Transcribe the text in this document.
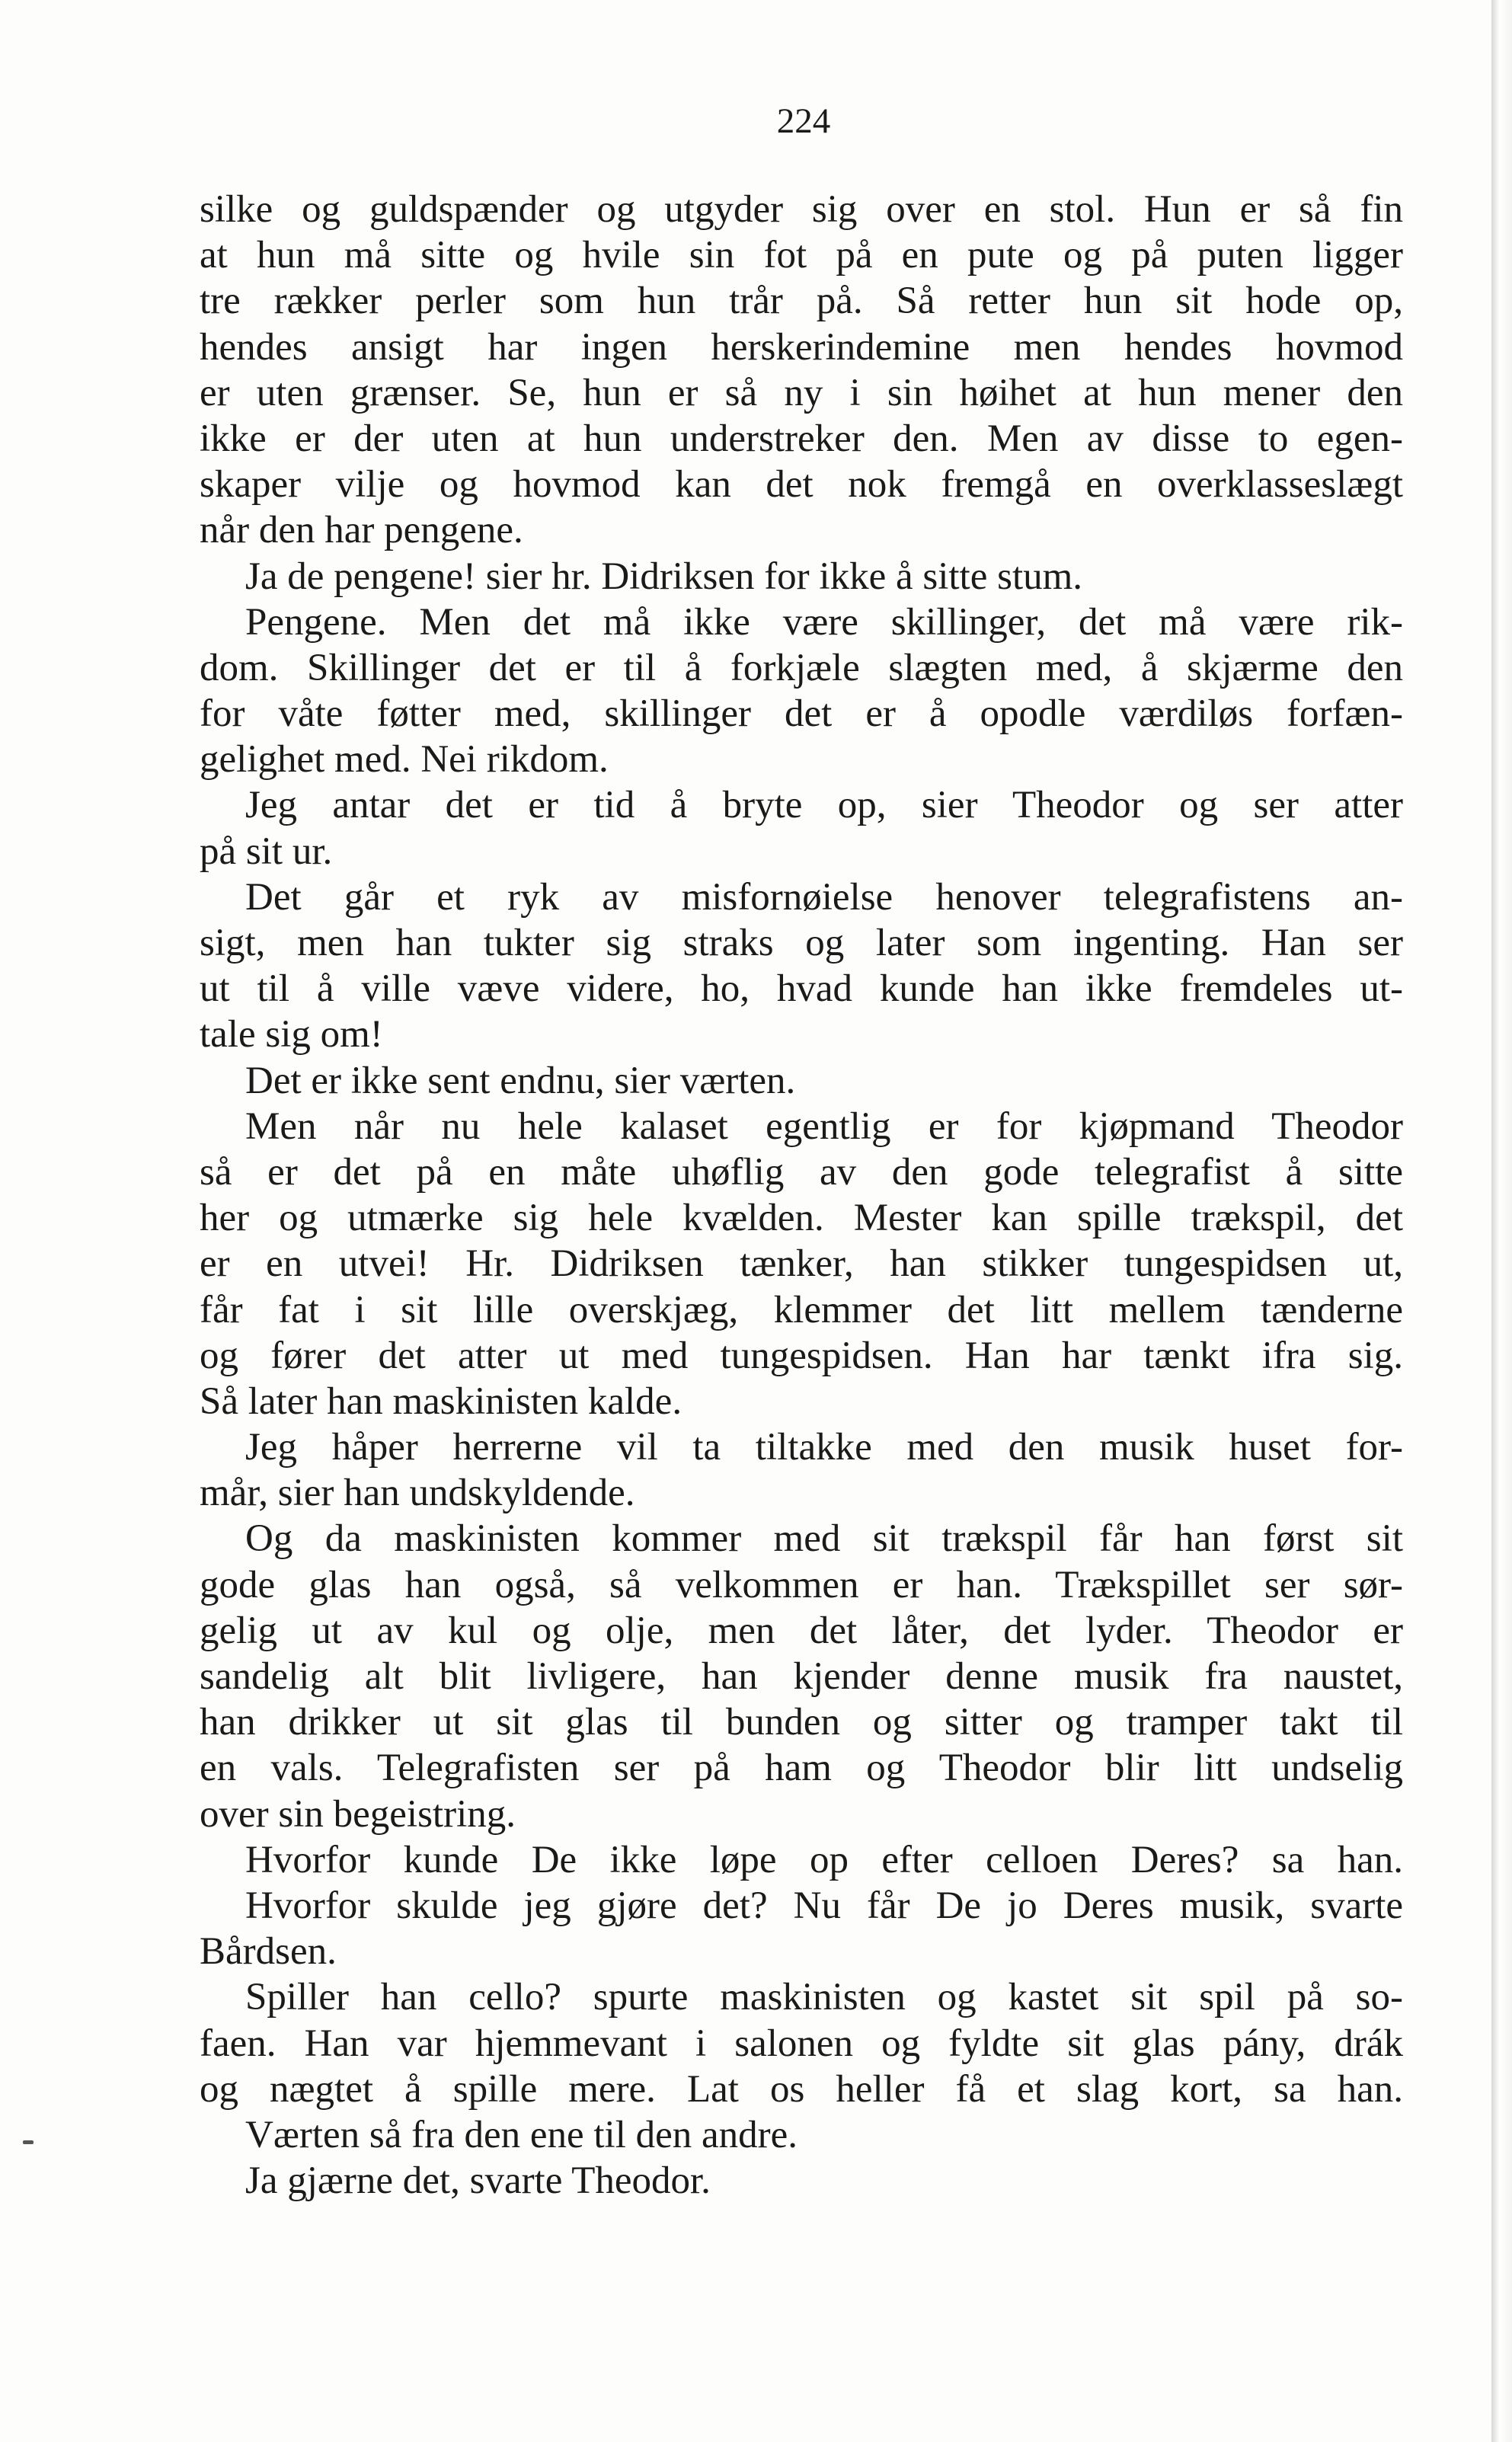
224
silke og guldspænder og utgyder sig over en stol. Hun er så fin
at hun må sitte og hvile sin fot på en pute og på puten ligger
tre rækker perler som hun trår på. Så retter hun sit hode op,
hendes ansigt har ingen herskerindemine men hendes hovmod
er uten grænser. Se, hun er så ny i sin høihet at hun mener den
ikke er der uten at hun understreker den. Men av disse to egen-
skaper vilje og hovmod kan det nok fremgå en overklasseslægt
når den har pengene.
Ja de pengene! sier hr. Didriksen for ikke å sitte stum.
Pengene. Men det må ikke være skillinger, det må være rik-
dom. Skillinger det er til å forkjæle slægten med, å skjærme den
for våte føtter med, skillinger det er å opodle værdiløs forfæn-
gelighet med. Nei rikdom.
Jeg antar det er tid å bryte op, sier Theodor og ser atter
på sit ur.
Det går et ryk av misfornøielse henover telegrafistens an-
sigt, men han tukter sig straks og later som ingenting. Han ser
ut til å ville væve videre, ho, hvad kunde han ikke fremdeles ut-
tale sig om!
Det er ikke sent endnu, sier værten.
Men når nu hele kalaset egentlig er for kjøpmand Theodor
så er det på en måte uhøflig av den gode telegrafist å sitte
her og utmærke sig hele kvælden. Mester kan spille trækspil, det
er en utvei! Hr. Didriksen tænker, han stikker tungespidsen ut,
får fat i sit lille overskjæg, klemmer det litt mellem tænderne
og fører det atter ut med tungespidsen. Han har tænkt ifra sig.
Så later han maskinisten kalde.
Jeg håper herrerne vil ta tiltakke med den musik huset for-
mår, sier han undskyldende.
Og da maskinisten kommer med sit trækspil får han først sit
gode glas han også, så velkommen er han. Trækspillet ser sør-
gelig ut av kul og olje, men det låter, det lyder. Theodor er
sandelig alt blit livligere, han kjender denne musik fra naustet,
han drikker ut sit glas til bunden og sitter og tramper takt til
en vals. Telegrafisten ser på ham og Theodor blir litt undselig
over sin begeistring.
Hvorfor kunde De ikke løpe op efter celloen Deres? sa han.
Hvorfor skulde jeg gjøre det? Nu får De jo Deres musik, svarte
Bårdsen.
Spiller han cello? spurte maskinisten og kastet sit spil på so-
faen. Han var hjemmevant i salonen og fyldte sit glas pány, drák
og nægtet å spille mere. Lat os heller få et slag kort, sa han.
Værten så fra den ene til den andre.
Ja gjærne det, svarte Theodor.
